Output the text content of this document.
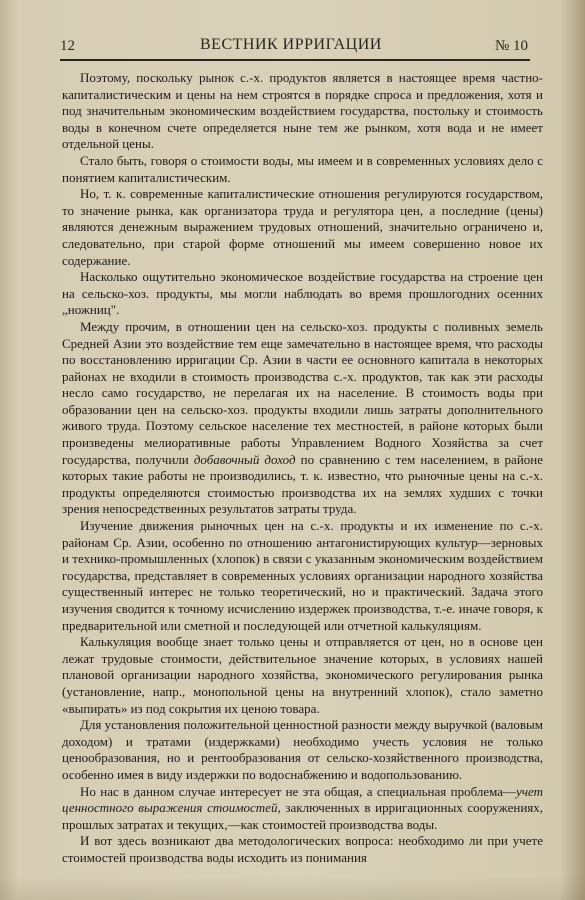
12	ВЕСТНИК ИРРИГАЦИИ	№ 10

Поэтому, поскольку рынок с.-х. продуктов является в настоящее время частно-капиталистическим и цены на нем строятся в порядке спроса и предложения, хотя и под значительным экономическим воздействием государства, постольку и стоимость воды в конечном счете определяется ныне тем же рынком, хотя вода и не имеет отдельной цены.

Стало быть, говоря о стоимости воды, мы имеем и в современных условиях дело с понятием капиталистическим.

Но, т. к. современные капиталистические отношения регулируются государством, то значение рынка, как организатора труда и регулятора цен, а последние (цены) являются денежным выражением трудовых отношений, значительно ограничено и, следовательно, при старой форме отношений мы имеем совершенно новое их содержание.

Насколько ощутительно экономическое воздействие государства на строение цен на сельско-хоз. продукты, мы могли наблюдать во время прошлогодних осенних „ножниц".

Между прочим, в отношении цен на сельско-хоз. продукты с поливных земель Средней Азии это воздействие тем еще замечательно в настоящее время, что расходы по восстановлению ирригации Ср. Азии в части ее основного капитала в некоторых районах не входили в стоимость производства с.-х. продуктов, так как эти расходы несло само государство, не перелагая их на население. В стоимость воды при образовании цен на сельско-хоз. продукты входили лишь затраты дополнительного живого труда. Поэтому сельское население тех местностей, в районе которых были произведены мелиоративные работы Управлением Водного Хозяйства за счет государства, получили добавочный доход по сравнению с тем населением, в районе которых такие работы не производились, т. к. известно, что рыночные цены на с.-х. продукты определяются стоимостью производства их на землях худших с точки зрения непосредственных результатов затраты труда.

Изучение движения рыночных цен на с.-х. продукты и их изменение по с.-х. районам Ср. Азии, особенно по отношению антагонистирующих культур—зерновых и технико-промышленных (хлопок) в связи с указанным экономическим воздействием государства, представляет в современных условиях организации народного хозяйства существенный интерес не только теоретический, но и практический. Задача этого изучения сводится к точному исчислению издержек производства, т.-е. иначе говоря, к предварительной или сметной и последующей или отчетной калькуляциям.

Калькуляция вообще знает только цены и отправляется от цен, но в основе цен лежат трудовые стоимости, действительное значение которых, в условиях нашей плановой организации народного хозяйства, экономического регулирования рынка (установление, напр., монопольной цены на внутренний хлопок), стало заметно «выпирать» из под сокрытия их ценою товара.

Для установления положительной ценностной разности между выручкой (валовым доходом) и тратами (издержками) необходимо учесть условия не только ценообразования, но и рентообразования от сельско-хозяйственного производства, особенно имея в виду издержки по водоснабжению и водопользованию.

Но нас в данном случае интересует не эта общая, а специальная проблема—учет ценностного выражения стоимостей, заключенных в ирригационных сооружениях, прошлых затратах и текущих,—как стоимостей производства воды.

И вот здесь возникают два методологических вопроса: необходимо ли при учете стоимостей производства воды исходить из понимания
